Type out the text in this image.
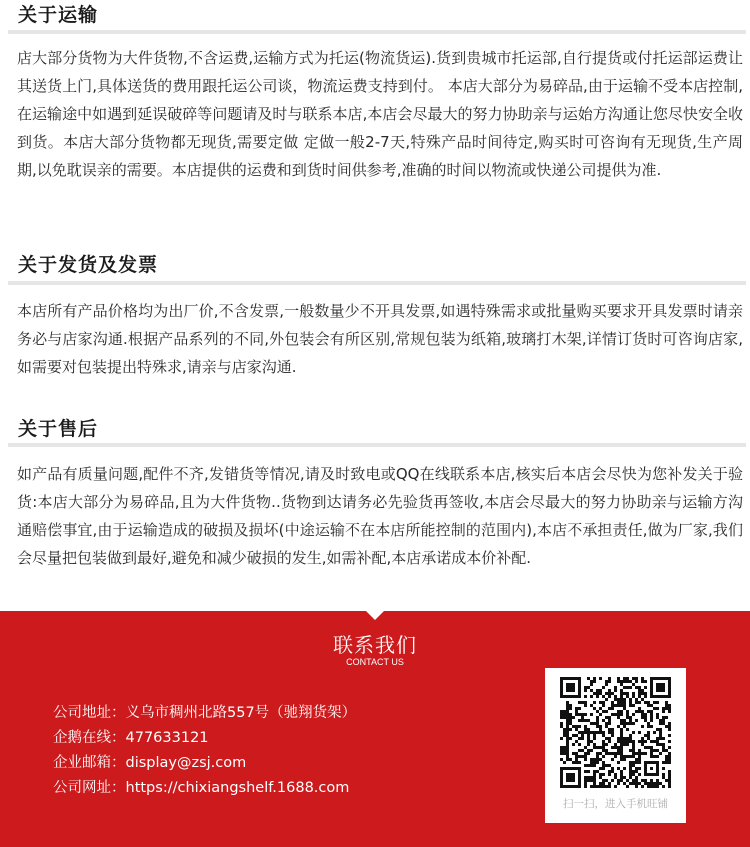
关于运输
店大部分货物为大件货物,不含运费,运输方式为托运(物流货运).货到贵城市托运部,自行提货或付托运部运费让其送货上门,具体送货的费用跟托运公司谈，物流运费支持到付。 本店大部分为易碎品,由于运输不受本店控制,在运输途中如遇到延误破碎等问题请及时与联系本店,本店会尽最大的努力协助亲与运始方沟通让您尽快安全收到货。本店大部分货物都无现货,需要定做 定做一般2-7天,特殊产品时间待定,购买时可咨询有无现货,生产周期,以免耽误亲的需要。本店提供的运费和到货时间供参考,准确的时间以物流或快递公司提供为准.
关于发货及发票
本店所有产品价格均为出厂价,不含发票,一般数量少不开具发票,如遇特殊需求或批量购买要求开具发票时请亲务必与店家沟通.根据产品系列的不同,外包装会有所区别,常规包装为纸箱,玻璃打木架,详情订货时可咨询店家,如需要对包装提出特殊求,请亲与店家沟通.
关于售后
如产品有质量问题,配件不齐,发错货等情况,请及时致电或QQ在线联系本店,核实后本店会尽快为您补发关于验货:本店大部分为易碎品,且为大件货物..货物到达请务必先验货再签收,本店会尽最大的努力协助亲与运输方沟通赔偿事宜,由于运输造成的破损及损坏(中途运输不在本店所能控制的范围内),本店不承担责任,做为厂家,我们会尽量把包装做到最好,避免和减少破损的发生,如需补配,本店承诺成本价补配.
联系我们
CONTACT US
公司地址：义乌市稠州北路557号（驰翔货架）
企鹅在线：477633121
企业邮箱：display@zsj.com
公司网址：https://chixiangshelf.1688.com
扫一扫，进入手机旺铺
